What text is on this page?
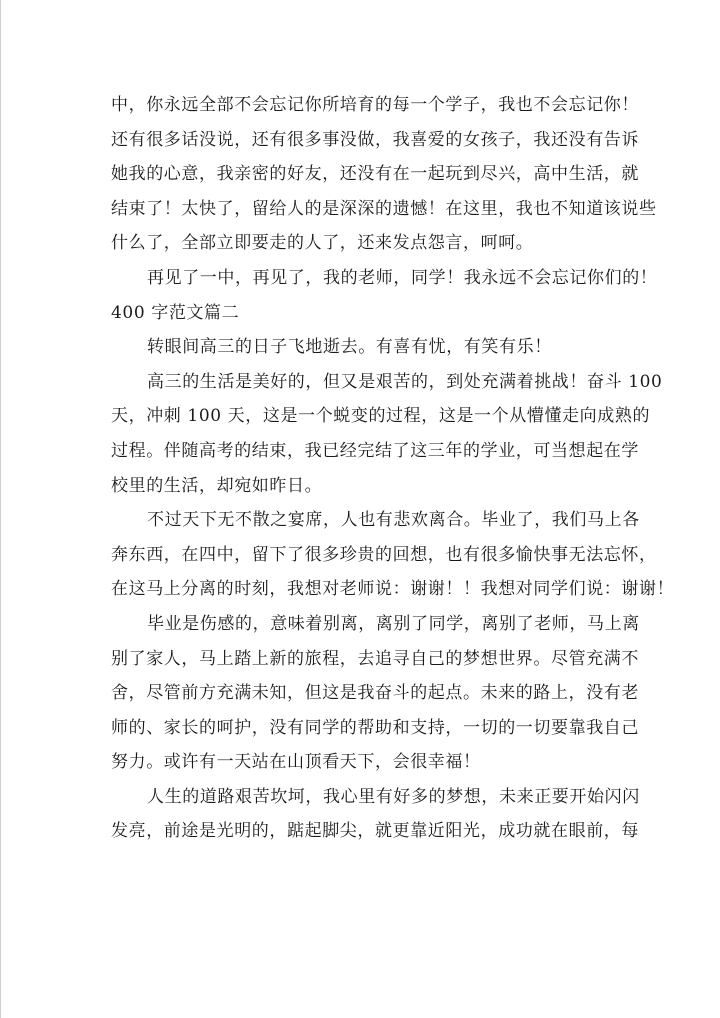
中，你永远全部不会忘记你所培育的每一个学子，我也不会忘记你！
还有很多话没说，还有很多事没做，我喜爱的女孩子，我还没有告诉
她我的心意，我亲密的好友，还没有在一起玩到尽兴，高中生活，就
结束了！太快了，留给人的是深深的遗憾！在这里，我也不知道该说些
什么了，全部立即要走的人了，还来发点怨言，呵呵。
再见了一中，再见了，我的老师，同学！我永远不会忘记你们的！
400 字范文篇二
转眼间高三的日子飞地逝去。有喜有忧，有笑有乐！
高三的生活是美好的，但又是艰苦的，到处充满着挑战！奋斗 100
天，冲刺 100 天，这是一个蜕变的过程，这是一个从懵懂走向成熟的
过程。伴随高考的结束，我已经完结了这三年的学业，可当想起在学
校里的生活，却宛如昨日。
不过天下无不散之宴席，人也有悲欢离合。毕业了，我们马上各
奔东西，在四中，留下了很多珍贵的回想，也有很多愉快事无法忘怀，
在这马上分离的时刻，我想对老师说：谢谢！！我想对同学们说：谢谢！
毕业是伤感的，意味着别离，离别了同学，离别了老师，马上离
别了家人，马上踏上新的旅程，去追寻自己的梦想世界。尽管充满不
舍，尽管前方充满未知，但这是我奋斗的起点。未来的路上，没有老
师的、家长的呵护，没有同学的帮助和支持，一切的一切要靠我自己
努力。或许有一天站在山顶看天下，会很幸福！
人生的道路艰苦坎坷，我心里有好多的梦想，未来正要开始闪闪
发亮，前途是光明的，踮起脚尖，就更靠近阳光，成功就在眼前，每
